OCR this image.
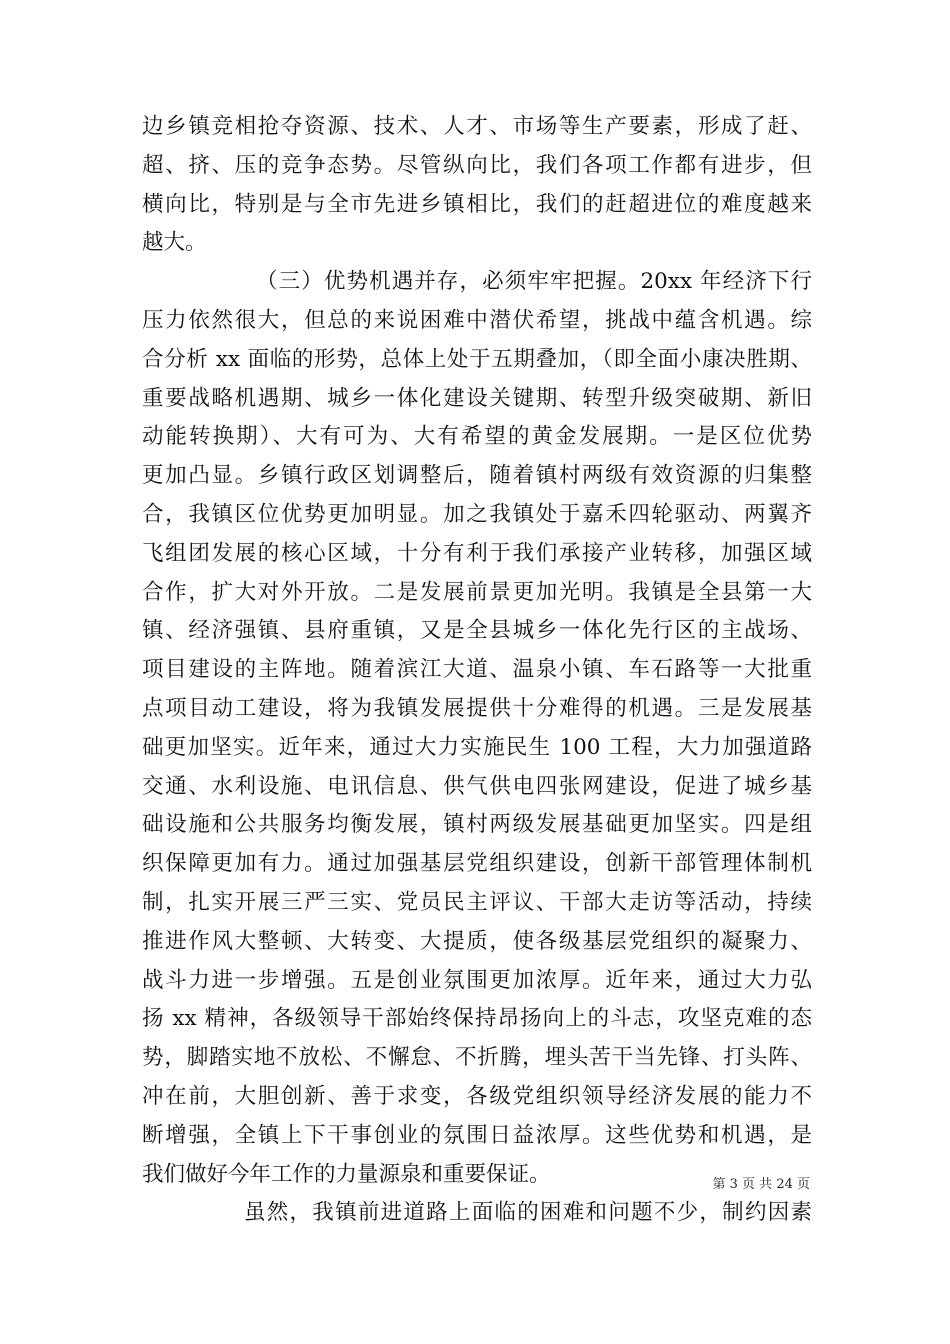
边乡镇竞相抢夺资源、技术、人才、市场等生产要素，形成了赶、
超、挤、压的竞争态势。尽管纵向比，我们各项工作都有进步，但
横向比，特别是与全市先进乡镇相比，我们的赶超进位的难度越来
越大。
（三）优势机遇并存，必须牢牢把握。20xx 年经济下行
压力依然很大，但总的来说困难中潜伏希望，挑战中蕴含机遇。综
合分析 xx 面临的形势，总体上处于五期叠加，（即全面小康决胜期、
重要战略机遇期、城乡一体化建设关键期、转型升级突破期、新旧
动能转换期）、大有可为、大有希望的黄金发展期。一是区位优势
更加凸显。乡镇行政区划调整后，随着镇村两级有效资源的归集整
合，我镇区位优势更加明显。加之我镇处于嘉禾四轮驱动、两翼齐
飞组团发展的核心区域，十分有利于我们承接产业转移，加强区域
合作，扩大对外开放。二是发展前景更加光明。我镇是全县第一大
镇、经济强镇、县府重镇，又是全县城乡一体化先行区的主战场、
项目建设的主阵地。随着滨江大道、温泉小镇、车石路等一大批重
点项目动工建设，将为我镇发展提供十分难得的机遇。三是发展基
础更加坚实。近年来，通过大力实施民生 100 工程，大力加强道路
交通、水利设施、电讯信息、供气供电四张网建设，促进了城乡基
础设施和公共服务均衡发展，镇村两级发展基础更加坚实。四是组
织保障更加有力。通过加强基层党组织建设，创新干部管理体制机
制，扎实开展三严三实、党员民主评议、干部大走访等活动，持续
推进作风大整顿、大转变、大提质，使各级基层党组织的凝聚力、
战斗力进一步增强。五是创业氛围更加浓厚。近年来，通过大力弘
扬 xx 精神，各级领导干部始终保持昂扬向上的斗志，攻坚克难的态
势，脚踏实地不放松、不懈怠、不折腾，埋头苦干当先锋、打头阵、
冲在前，大胆创新、善于求变，各级党组织领导经济发展的能力不
断增强，全镇上下干事创业的氛围日益浓厚。这些优势和机遇，是
我们做好今年工作的力量源泉和重要保证。
虽然，我镇前进道路上面临的困难和问题不少，制约因素
第 3 页 共 24 页
